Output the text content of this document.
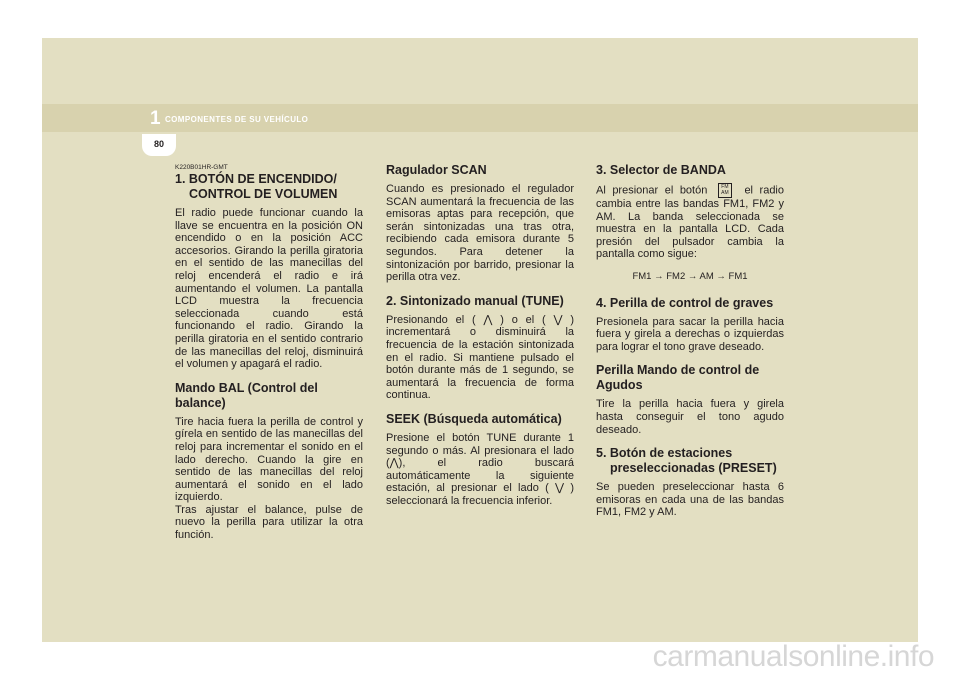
1 COMPONENTES DE SU VEHÍCULO
80
K220B01HR-GMT
1. BOTÓN DE ENCENDIDO/ CONTROL DE VOLUMEN

El radio puede funcionar cuando la llave se encuentra en la posición ON encendido o en la posición ACC accesorios. Girando la perilla giratoria en el sentido de las manecillas del reloj encenderá el radio e irá aumentando el volumen. La pantalla LCD muestra la frecuencia seleccionada cuando está funcionando el radio. Girando la perilla giratoria en el sentido contrario de las manecillas del reloj, disminuirá el volumen y apagará el radio.

Mando BAL (Control del balance)

Tire hacia fuera la perilla de control y gírela en sentido de las manecillas del reloj para incrementar el sonido en el lado derecho. Cuando la gire en sentido de las manecillas del reloj aumentará el sonido en el lado izquierdo.

Tras ajustar el balance, pulse de nuevo la perilla para utilizar la otra función.

Ragulador SCAN

Cuando es presionado el regulador SCAN aumentará la frecuencia de las emisoras aptas para recepción, que serán sintonizadas una tras otra, recibiendo cada emisora durante 5 segundos. Para detener la sintonización por barrido, presionar la perilla otra vez.

2. Sintonizado manual (TUNE)

Presionando el ( ⋀ ) o el ( ⋁ ) incrementará o disminuirá la frecuencia de la estación sintonizada en el radio. Si mantiene pulsado el botón durante más de 1 segundo, se aumentará la frecuencia de forma continua.

SEEK (Búsqueda automática)

Presione el botón TUNE durante 1 segundo o más. Al presionara el lado (⋀), el radio buscará automáticamente la siguiente estación, al presionar el lado ( ⋁ ) seleccionará la frecuencia inferior.

3. Selector de BANDA

Al presionar el botón	FM
AM el radio cambia entre las bandas FM1, FM2 y AM. La banda seleccionada se muestra en la pantalla LCD. Cada presión del pulsador cambia la pantalla como sigue:

FM1 → FM2 → AM → FM1
4. Perilla de control de graves

Presionela para sacar la perilla hacia fuera y girela a derechas o izquierdas para lograr el tono grave deseado.

Perilla Mando de control de Agudos

Tire la perilla hacia fuera y girela hasta conseguir el tono agudo deseado.

5. Botón de estaciones preseleccionadas (PRESET)

Se pueden preseleccionar hasta 6 emisoras en cada una de las bandas FM1, FM2 y AM.

carmanualsonline.info
